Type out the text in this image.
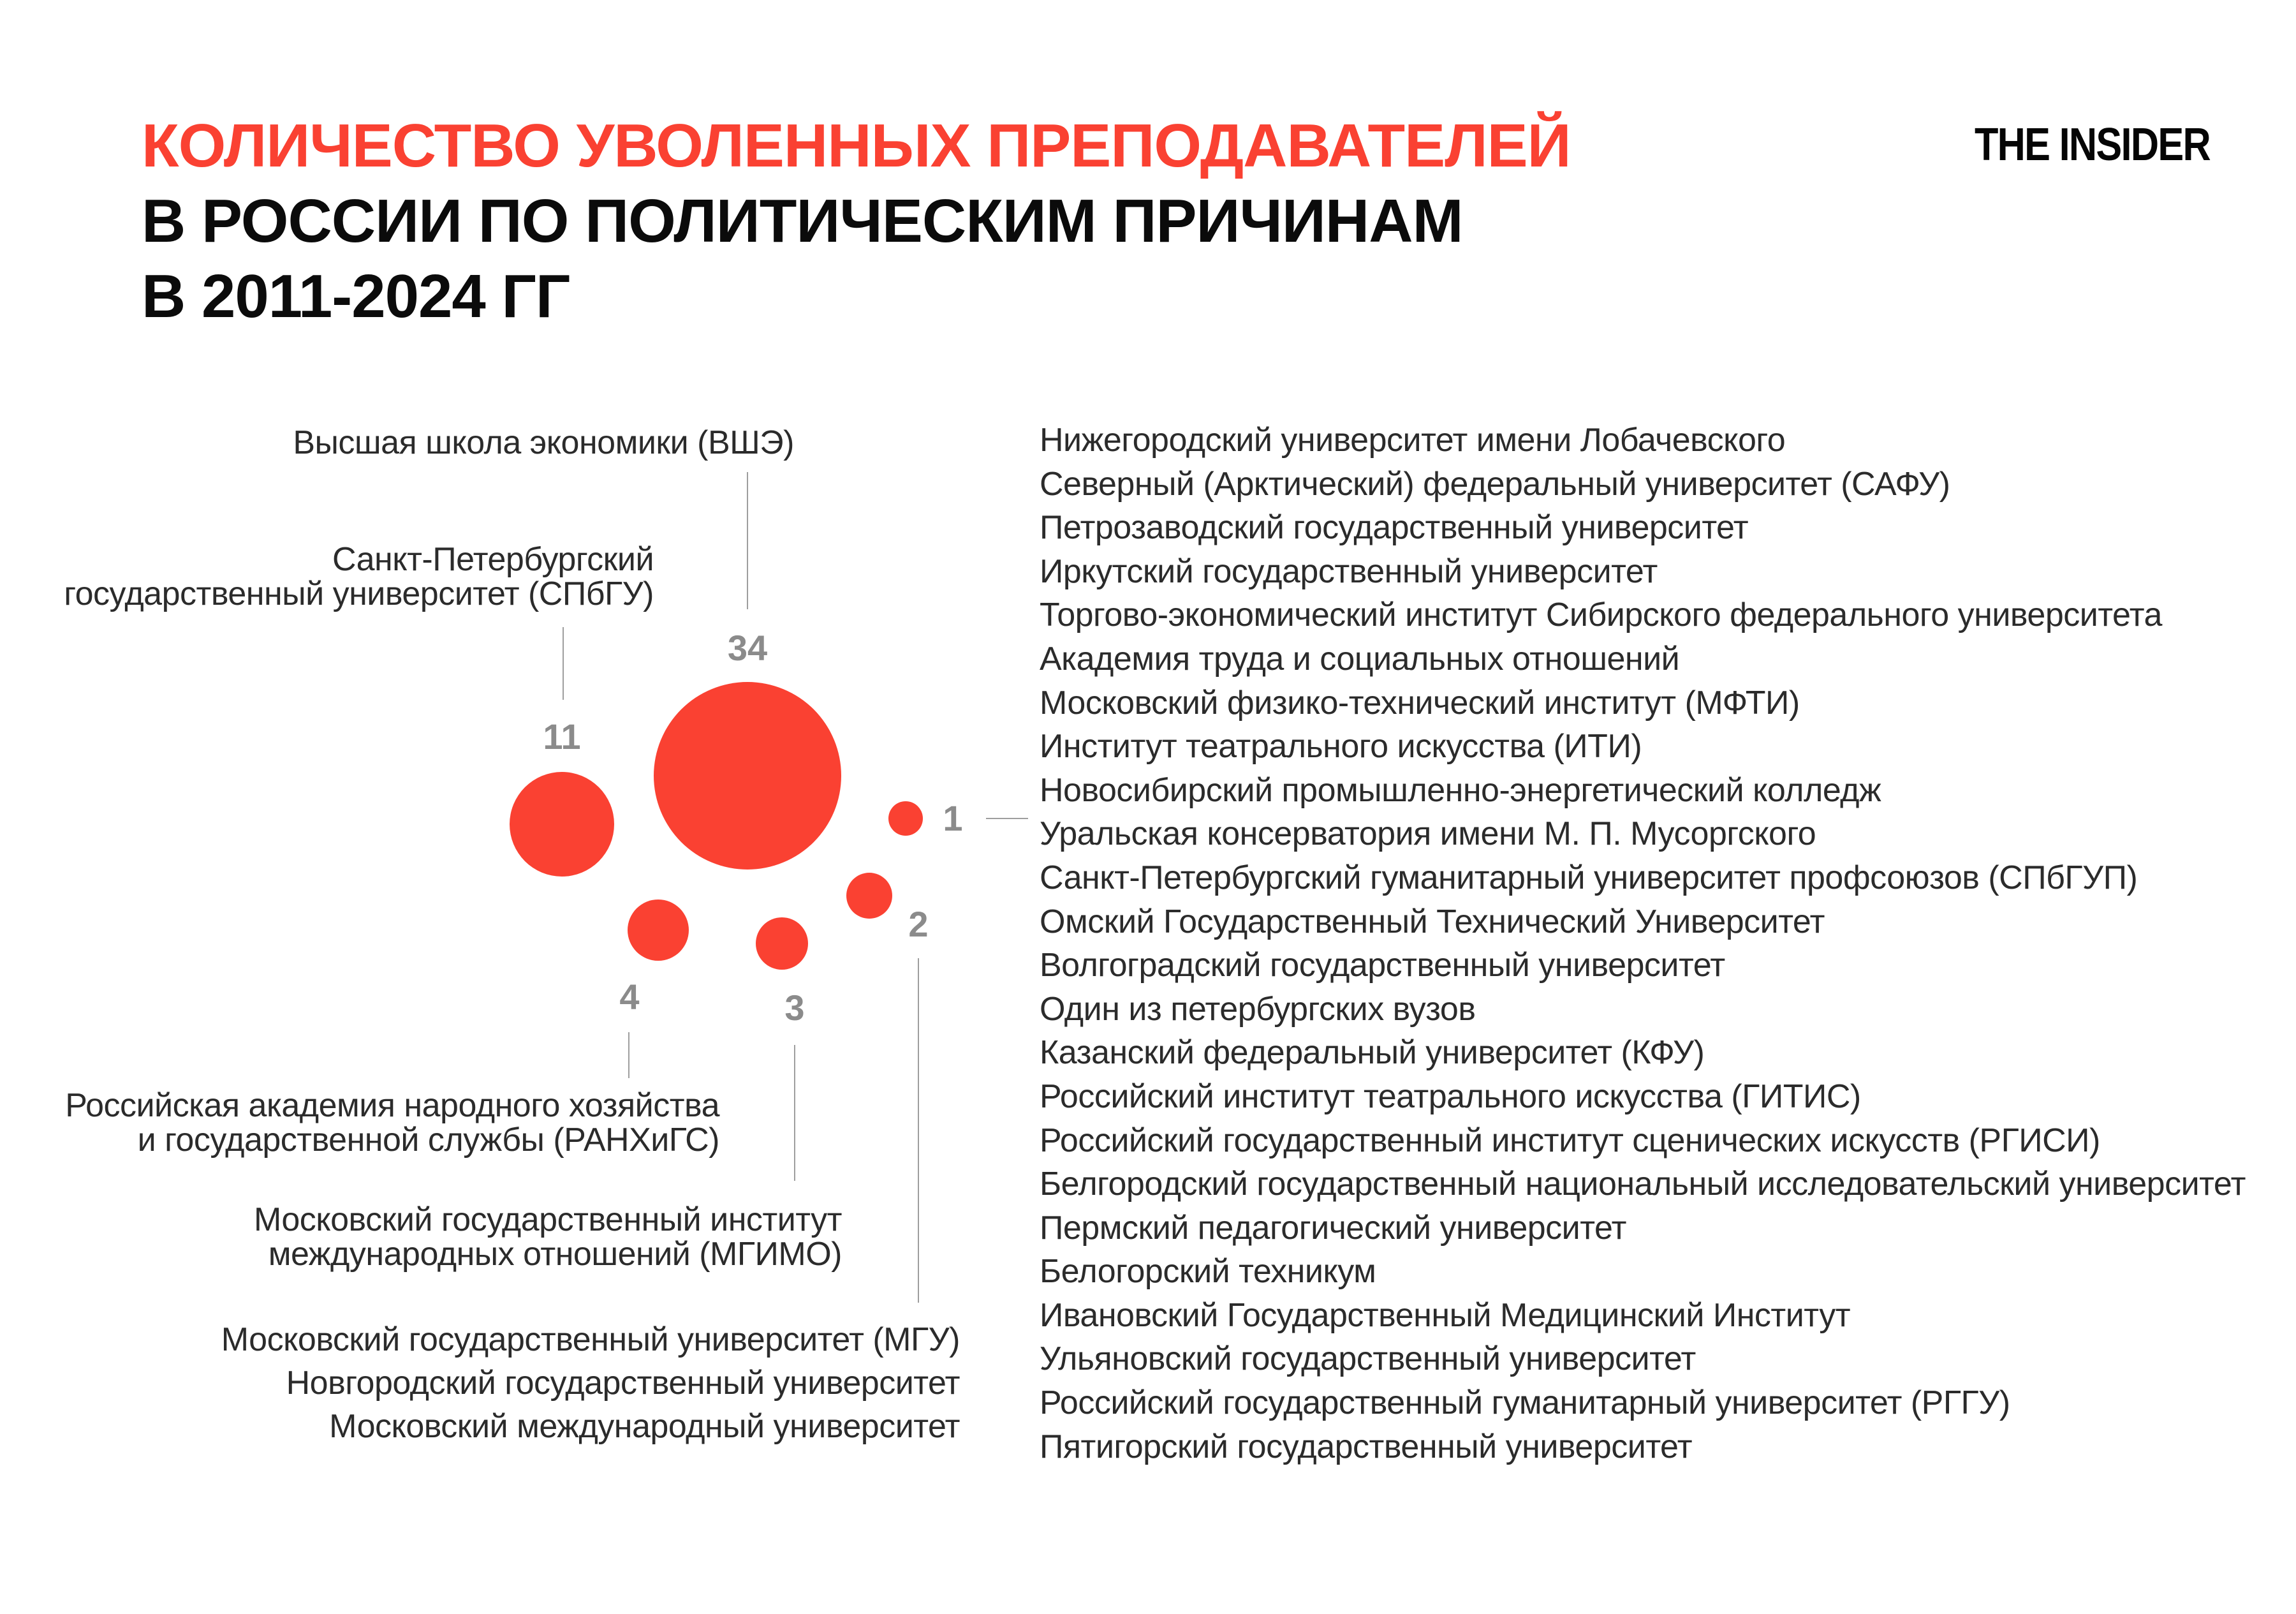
КОЛИЧЕСТВО УВОЛЕННЫХ ПРЕПОДАВАТЕЛЕЙ
В РОССИИ ПО ПОЛИТИЧЕСКИМ ПРИЧИНАМ
В 2011-2024 ГГ
THE INSIDER
34
11
4	3
2
1
Высшая школа экономики (ВШЭ)
Санкт-Петербургский
государственный университет (СПбГУ)
Российская академия народного хозяйства
и государственной службы (РАНХиГС)
Московский государственный институт
международных отношений (МГИМО)
Московский государственный университет (МГУ)
Новгородский государственный университет
Московский международный университет
Нижегородский университет имени Лобачевского
Северный (Арктический) федеральный университет (САФУ)
Петрозаводский государственный университет
Иркутский государственный университет
Торгово-экономический институт Сибирского федерального университета
Академия труда и социальных отношений
Московский физико-технический институт (МФТИ)
Институт театрального искусства (ИТИ)
Новосибирский промышленно-энергетический колледж
Уральская консерватория имени М. П. Мусоргского
Санкт-Петербургский гуманитарный университет профсоюзов (СПбГУП)
Омский Государственный Технический Университет
Волгоградский государственный университет
Один из петербургских вузов
Казанский федеральный университет (КФУ)
Российский институт театрального искусства (ГИТИС)
Российский государственный институт сценических искусств (РГИСИ)
Белгородский государственный национальный исследовательский университет
Пермский педагогический университет
Белогорский техникум
Ивановский Государственный Медицинский Институт
Ульяновский государственный университет
Российский государственный гуманитарный университет (РГГУ)
Пятигорский государственный университет
